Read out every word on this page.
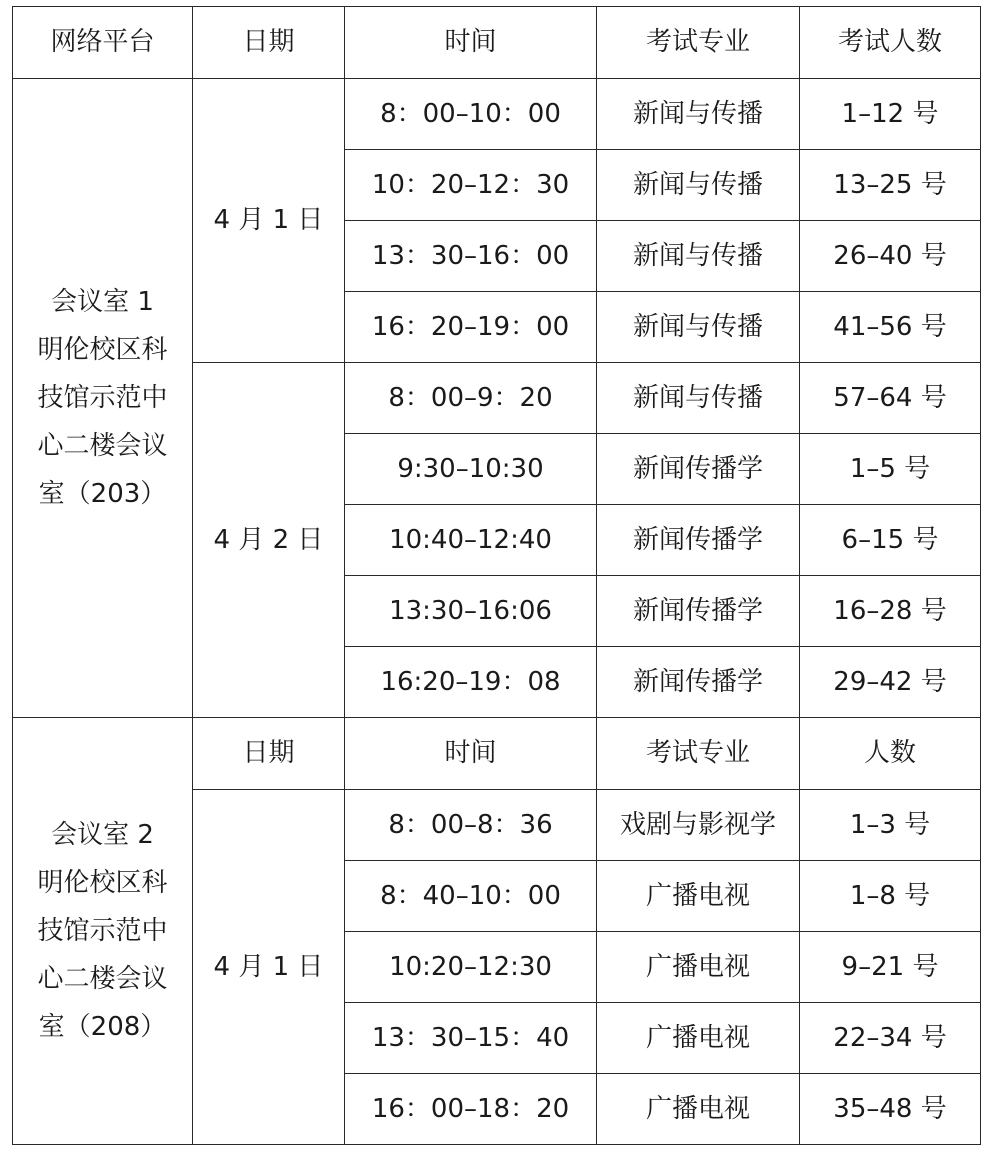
网络平台	日期	时间	考试专业	考试人数

会议室 1
明伦校区科
技馆示范中
心二楼会议
室（203）	4 月 1 日	8：00–10：00	新闻与传播	1–12 号
		10：20–12：30	新闻与传播	13–25 号
		13：30–16：00	新闻与传播	26–40 号
		16：20–19：00	新闻与传播	41–56 号
	4 月 2 日	8：00–9：20	新闻与传播	57–64 号
		9:30–10:30	新闻传播学	1–5 号
		10:40–12:40	新闻传播学	6–15 号
		13:30–16:06	新闻传播学	16–28 号
		16:20–19：08	新闻传播学	29–42 号

会议室 2
明伦校区科
技馆示范中
心二楼会议
室（208）	日期	时间	考试专业	人数
	4 月 1 日	8：00–8：36	戏剧与影视学	1–3 号
		8：40–10：00	广播电视	1–8 号
		10:20–12:30	广播电视	9–21 号
		13：30–15：40	广播电视	22–34 号
		16：00–18：20	广播电视	35–48 号
